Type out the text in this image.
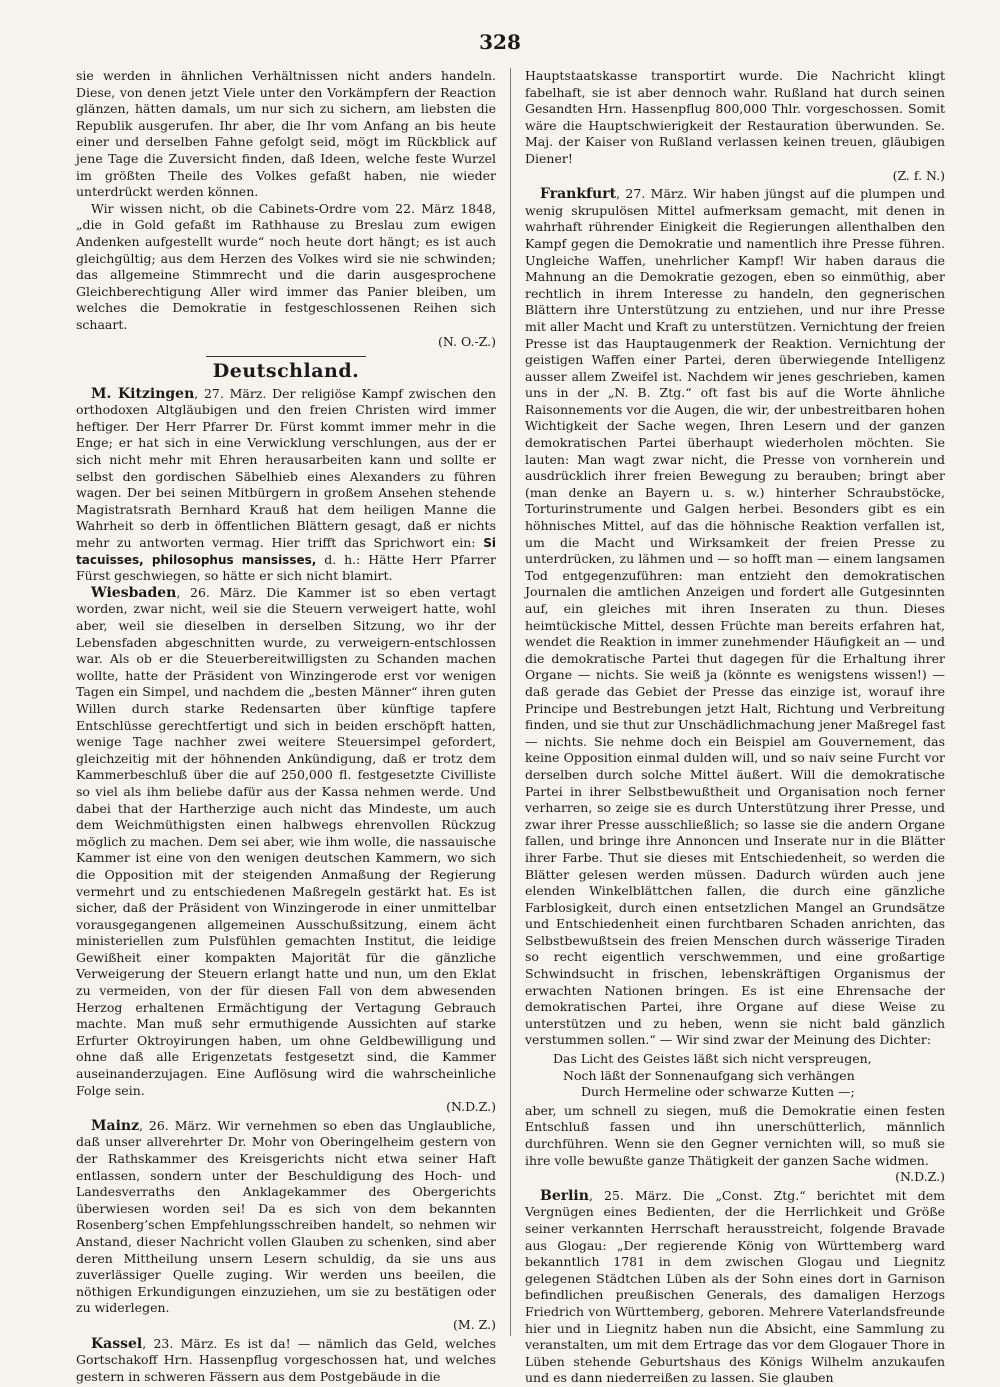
328

sie werden in ähnlichen Verhältnissen nicht anders handeln. Diese, von denen jetzt Viele unter den Vorkämpfern der Reaction glänzen, hätten damals, um nur sich zu sichern, am liebsten die Republik ausgerufen. Ihr aber, die Ihr vom Anfang an bis heute einer und derselben Fahne gefolgt seid, mögt im Rückblick auf jene Tage die Zuversicht finden, daß Ideen, welche feste Wurzel im größten Theile des Volkes gefaßt haben, nie wieder unterdrückt werden können.

Wir wissen nicht, ob die Cabinets-Ordre vom 22. März 1848, „die in Gold gefaßt im Rathhause zu Breslau zum ewigen Andenken aufgestellt wurde“ noch heute dort hängt; es ist auch gleichgültig; aus dem Herzen des Volkes wird sie nie schwinden; das allgemeine Stimmrecht und die darin ausgesprochene Gleichberechtigung Aller wird immer das Panier bleiben, um welches die Demokratie in festgeschlossenen Reihen sich schaart.

(N. O.-Z.)

Deutschland.

M. Kitzingen, 27. März. Der religiöse Kampf zwischen den orthodoxen Altgläubigen und den freien Christen wird immer heftiger. Der Herr Pfarrer Dr. Fürst kommt immer mehr in die Enge; er hat sich in eine Verwicklung verschlungen, aus der er sich nicht mehr mit Ehren herausarbeiten kann und sollte er selbst den gordischen Säbelhieb eines Alexanders zu führen wagen. Der bei seinen Mitbürgern in großem Ansehen stehende Magistratsrath Bernhard Krauß hat dem heiligen Manne die Wahrheit so derb in öffentlichen Blättern gesagt, daß er nichts mehr zu antworten vermag. Hier trifft das Sprichwort ein: Si tacuisses, philosophus mansisses, d. h.: Hätte Herr Pfarrer Fürst geschwiegen, so hätte er sich nicht blamirt.

Wiesbaden, 26. März. Die Kammer ist so eben vertagt worden, zwar nicht, weil sie die Steuern verweigert hatte, wohl aber, weil sie dieselben in derselben Sitzung, wo ihr der Lebensfaden abgeschnitten wurde, zu verweigern-entschlossen war. Als ob er die Steuerbereitwilligsten zu Schanden machen wollte, hatte der Präsident von Winzingerode erst vor wenigen Tagen ein Simpel, und nachdem die „besten Männer“ ihren guten Willen durch starke Redensarten über künftige tapfere Entschlüsse gerechtfertigt und sich in beiden erschöpft hatten, wenige Tage nachher zwei weitere Steuersimpel gefordert, gleichzeitig mit der höhnenden Ankündigung, daß er trotz dem Kammerbeschluß über die auf 250,000 fl. festgesetzte Civilliste so viel als ihm beliebe dafür aus der Kassa nehmen werde. Und dabei that der Hartherzige auch nicht das Mindeste, um auch dem Weichmüthigsten einen halbwegs ehrenvollen Rückzug möglich zu machen. Dem sei aber, wie ihm wolle, die nassauische Kammer ist eine von den wenigen deutschen Kammern, wo sich die Opposition mit der steigenden Anmaßung der Regierung vermehrt und zu entschiedenen Maßregeln gestärkt hat. Es ist sicher, daß der Präsident von Winzingerode in einer unmittelbar vorausgegangenen allgemeinen Ausschußsitzung, einem ächt ministeriellen zum Pulsfühlen gemachten Institut, die leidige Gewißheit einer kompakten Majorität für die gänzliche Verweigerung der Steuern erlangt hatte und nun, um den Eklat zu vermeiden, von der für diesen Fall von dem abwesenden Herzog erhaltenen Ermächtigung der Vertagung Gebrauch machte. Man muß sehr ermuthigende Aussichten auf starke Erfurter Oktroyirungen haben, um ohne Geldbewilligung und ohne daß alle Erigenzetats festgesetzt sind, die Kammer auseinanderzujagen. Eine Auflösung wird die wahrscheinliche Folge sein.

(N.D.Z.)

Mainz, 26. März. Wir vernehmen so eben das Unglaubliche, daß unser allverehrter Dr. Mohr von Oberingelheim gestern von der Rathskammer des Kreisgerichts nicht etwa seiner Haft entlassen, sondern unter der Beschuldigung des Hoch- und Landesverraths den Anklagekammer des Obergerichts überwiesen worden sei! Da es sich von dem bekannten Rosenberg’schen Empfehlungsschreiben handelt, so nehmen wir Anstand, dieser Nachricht vollen Glauben zu schenken, sind aber deren Mittheilung unsern Lesern schuldig, da sie uns aus zuverlässiger Quelle zuging. Wir werden uns beeilen, die nöthigen Erkundigungen einzuziehen, um sie zu bestätigen oder zu widerlegen.

(M. Z.)

Kassel, 23. März. Es ist da! — nämlich das Geld, welches Gortschakoff Hrn. Hassenpflug vorgeschossen hat, und welches gestern in schweren Fässern aus dem Postgebäude in die

Hauptstaatskasse transportirt wurde. Die Nachricht klingt fabelhaft, sie ist aber dennoch wahr. Rußland hat durch seinen Gesandten Hrn. Hassenpflug 800,000 Thlr. vorgeschossen. Somit wäre die Hauptschwierigkeit der Restauration überwunden. Se. Maj. der Kaiser von Rußland verlassen keinen treuen, gläubigen Diener!

(Z. f. N.)

Frankfurt, 27. März. Wir haben jüngst auf die plumpen und wenig skrupulösen Mittel aufmerksam gemacht, mit denen in wahrhaft rührender Einigkeit die Regierungen allenthalben den Kampf gegen die Demokratie und namentlich ihre Presse führen. Ungleiche Waffen, unehrlicher Kampf! Wir haben daraus die Mahnung an die Demokratie gezogen, eben so einmüthig, aber rechtlich in ihrem Interesse zu handeln, den gegnerischen Blättern ihre Unterstützung zu entziehen, und nur ihre Presse mit aller Macht und Kraft zu unterstützen. Vernichtung der freien Presse ist das Hauptaugenmerk der Reaktion. Vernichtung der geistigen Waffen einer Partei, deren überwiegende Intelligenz ausser allem Zweifel ist. Nachdem wir jenes geschrieben, kamen uns in der „N. B. Ztg.“ oft fast bis auf die Worte ähnliche Raisonnements vor die Augen, die wir, der unbestreitbaren hohen Wichtigkeit der Sache wegen, Ihren Lesern und der ganzen demokratischen Partei überhaupt wiederholen möchten. Sie lauten: Man wagt zwar nicht, die Presse von vornherein und ausdrücklich ihrer freien Bewegung zu berauben; bringt aber (man denke an Bayern u. s. w.) hinterher Schraubstöcke, Torturinstrumente und Galgen herbei. Besonders gibt es ein höhnisches Mittel, auf das die höhnische Reaktion verfallen ist, um die Macht und Wirksamkeit der freien Presse zu unterdrücken, zu lähmen und — so hofft man — einem langsamen Tod entgegenzuführen: man entzieht den demokratischen Journalen die amtlichen Anzeigen und fordert alle Gutgesinnten auf, ein gleiches mit ihren Inseraten zu thun. Dieses heimtückische Mittel, dessen Früchte man bereits erfahren hat, wendet die Reaktion in immer zunehmender Häufigkeit an — und die demokratische Partei thut dagegen für die Erhaltung ihrer Organe — nichts. Sie weiß ja (könnte es wenigstens wissen!) — daß gerade das Gebiet der Presse das einzige ist, worauf ihre Principe und Bestrebungen jetzt Halt, Richtung und Verbreitung finden, und sie thut zur Unschädlichmachung jener Maßregel fast — nichts. Sie nehme doch ein Beispiel am Gouvernement, das keine Opposition einmal dulden will, und so naiv seine Furcht vor derselben durch solche Mittel äußert. Will die demokratische Partei in ihrer Selbstbewußtheit und Organisation noch ferner verharren, so zeige sie es durch Unterstützung ihrer Presse, und zwar ihrer Presse ausschließlich; so lasse sie die andern Organe fallen, und bringe ihre Annoncen und Inserate nur in die Blätter ihrer Farbe. Thut sie dieses mit Entschiedenheit, so werden die Blätter gelesen werden müssen. Dadurch würden auch jene elenden Winkelblättchen fallen, die durch eine gänzliche Farblosigkeit, durch einen entsetzlichen Mangel an Grundsätze und Entschiedenheit einen furchtbaren Schaden anrichten, das Selbstbewußtsein des freien Menschen durch wässerige Tiraden so recht eigentlich verschwemmen, und eine großartige Schwindsucht in frischen, lebenskräftigen Organismus der erwachten Nationen bringen. Es ist eine Ehrensache der demokratischen Partei, ihre Organe auf diese Weise zu unterstützen und zu heben, wenn sie nicht bald gänzlich verstummen sollen.“ — Wir sind zwar der Meinung des Dichter:

Das Licht des Geistes läßt sich nicht verspreugen,
Noch läßt der Sonnenaufgang sich verhängen
Durch Hermeline oder schwarze Kutten —;

aber, um schnell zu siegen, muß die Demokratie einen festen Entschluß fassen und ihn unerschütterlich, männlich durchführen. Wenn sie den Gegner vernichten will, so muß sie ihre volle bewußte ganze Thätigkeit der ganzen Sache widmen.

(N.D.Z.)

Berlin, 25. März. Die „Const. Ztg.“ berichtet mit dem Vergnügen eines Bedienten, der die Herrlichkeit und Größe seiner verkannten Herrschaft herausstreicht, folgende Bravade aus Glogau: „Der regierende König von Württemberg ward bekanntlich 1781 in dem zwischen Glogau und Liegnitz gelegenen Städtchen Lüben als der Sohn eines dort in Garnison befindlichen preußischen Generals, des damaligen Herzogs Friedrich von Württemberg, geboren. Mehrere Vaterlandsfreunde hier und in Liegnitz haben nun die Absicht, eine Sammlung zu veranstalten, um mit dem Ertrage das vor dem Glogauer Thore in Lüben stehende Geburtshaus des Königs Wilhelm anzukaufen und es dann niederreißen zu lassen. Sie glauben
